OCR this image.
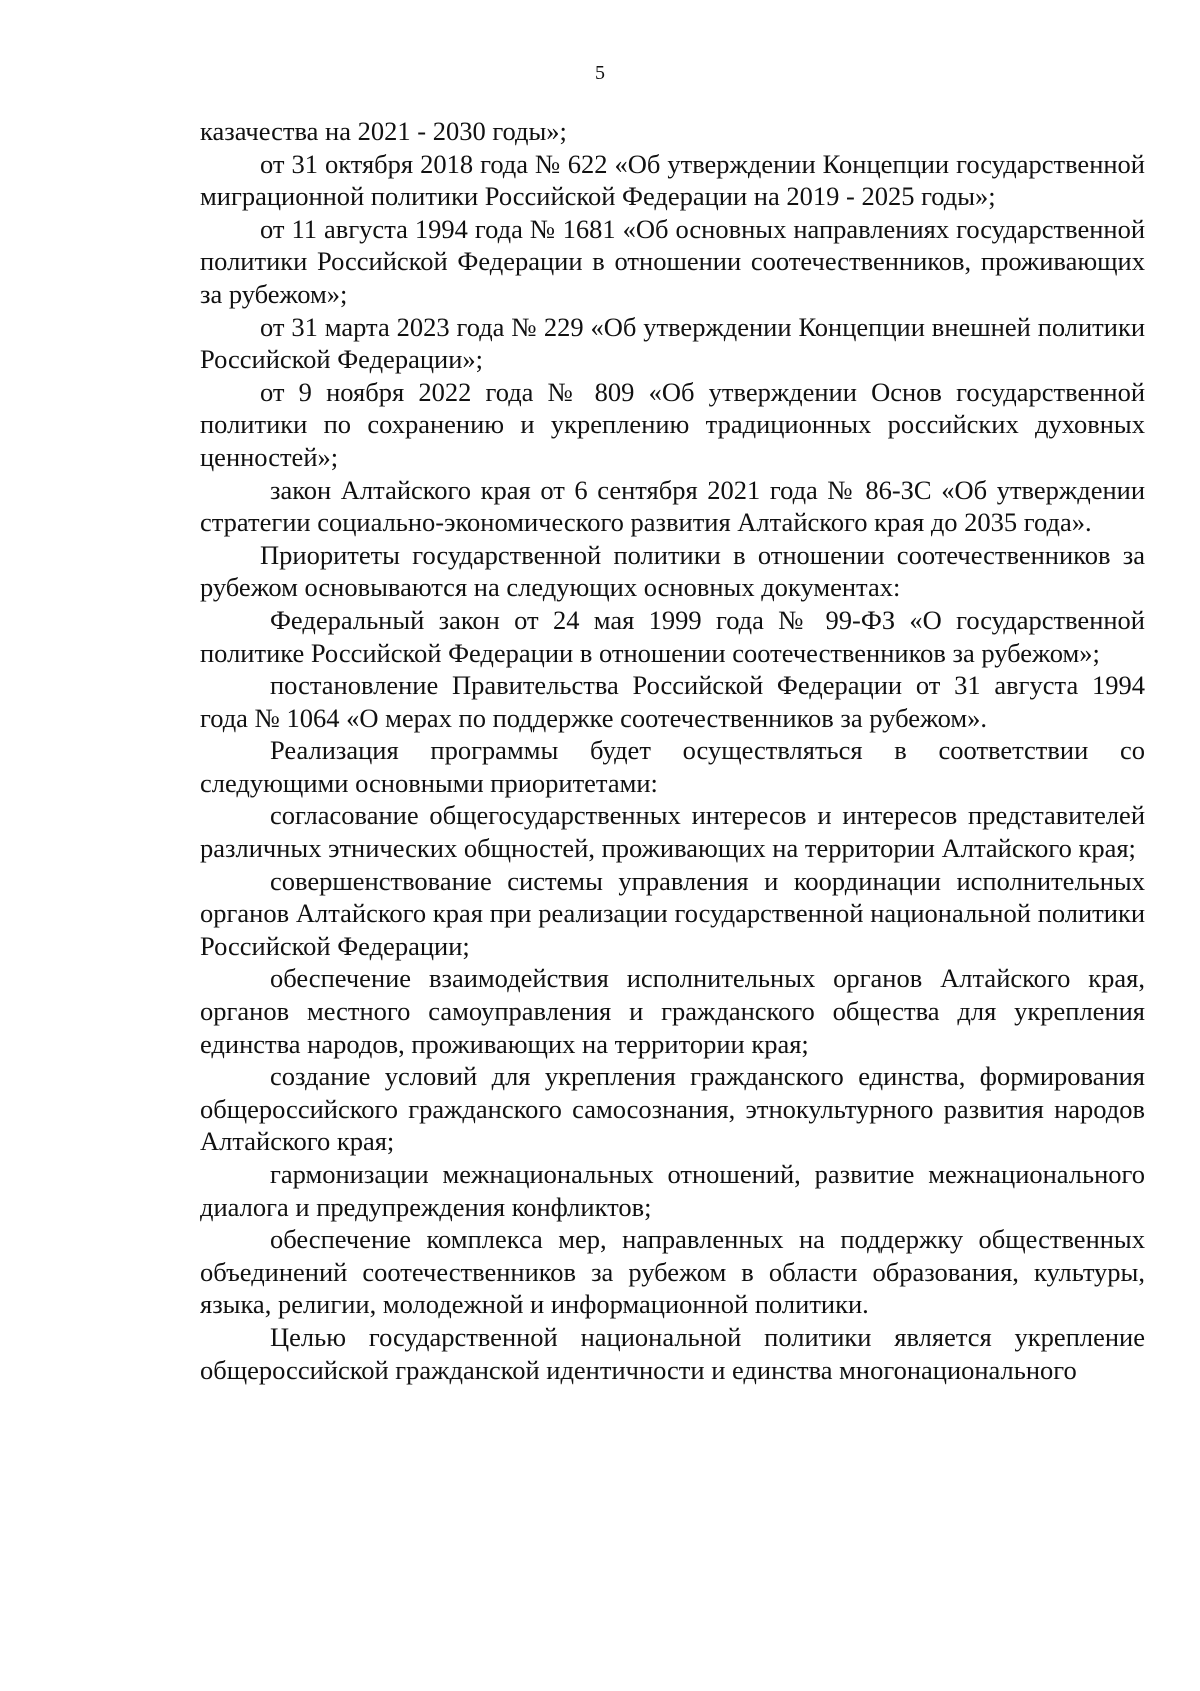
5

казачества на 2021 - 2030 годы»;

от 31 октября 2018 года № 622 «Об утверждении Концепции государственной миграционной политики Российской Федерации на 2019 - 2025 годы»;

от 11 августа 1994 года № 1681 «Об основных направлениях государственной политики Российской Федерации в отношении соотечественников, проживающих за рубежом»;

от 31 марта 2023 года № 229 «Об утверждении Концепции внешней политики Российской Федерации»;

от 9 ноября 2022 года № 809 «Об утверждении Основ государственной политики по сохранению и укреплению традиционных российских духовных ценностей»;

закон Алтайского края от 6 сентября 2021 года № 86-ЗС «Об утверждении стратегии социально-экономического развития Алтайского края до 2035 года».

Приоритеты государственной политики в отношении соотечественников за рубежом основываются на следующих основных документах:

Федеральный закон от 24 мая 1999 года № 99-ФЗ «О государственной политике Российской Федерации в отношении соотечественников за рубежом»;

постановление Правительства Российской Федерации от 31 августа 1994 года № 1064 «О мерах по поддержке соотечественников за рубежом».

Реализация программы будет осуществляться в соответствии со следующими основными приоритетами:

согласование общегосударственных интересов и интересов представителей различных этнических общностей, проживающих на территории Алтайского края;

совершенствование системы управления и координации исполнительных органов Алтайского края при реализации государственной национальной политики Российской Федерации;

обеспечение взаимодействия исполнительных органов Алтайского края, органов местного самоуправления и гражданского общества для укрепления единства народов, проживающих на территории края;

создание условий для укрепления гражданского единства, формирования общероссийского гражданского самосознания, этнокультурного развития народов Алтайского края;

гармонизации межнациональных отношений, развитие межнационального диалога и предупреждения конфликтов;

обеспечение комплекса мер, направленных на поддержку общественных объединений соотечественников за рубежом в области образования, культуры, языка, религии, молодежной и информационной политики.

Целью государственной национальной политики является укрепление общероссийской гражданской идентичности и единства многонационального
